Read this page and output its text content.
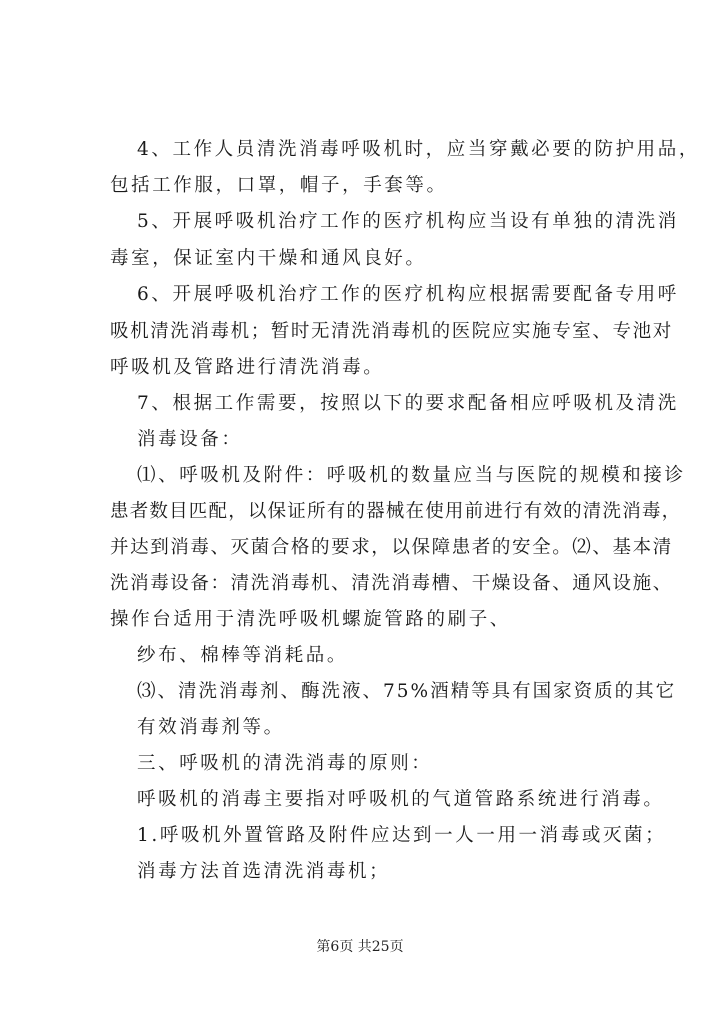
4、工作人员清洗消毒呼吸机时，应当穿戴必要的防护用品，
包括工作服，口罩，帽子，手套等。
5、开展呼吸机治疗工作的医疗机构应当设有单独的清洗消
毒室，保证室内干燥和通风良好。
6、开展呼吸机治疗工作的医疗机构应根据需要配备专用呼
吸机清洗消毒机；暂时无清洗消毒机的医院应实施专室、专池对
呼吸机及管路进行清洗消毒。
7、根据工作需要，按照以下的要求配备相应呼吸机及清洗
消毒设备：
⑴、呼吸机及附件：呼吸机的数量应当与医院的规模和接诊
患者数目匹配，以保证所有的器械在使用前进行有效的清洗消毒，
并达到消毒、灭菌合格的要求，以保障患者的安全。⑵、基本清
洗消毒设备：清洗消毒机、清洗消毒槽、干燥设备、通风设施、
操作台适用于清洗呼吸机螺旋管路的刷子、
纱布、棉棒等消耗品。
⑶、清洗消毒剂、酶洗液、75%酒精等具有国家资质的其它
有效消毒剂等。
三、呼吸机的清洗消毒的原则：
呼吸机的消毒主要指对呼吸机的气道管路系统进行消毒。
1.呼吸机外置管路及附件应达到一人一用一消毒或灭菌；
消毒方法首选清洗消毒机；
第6页 共25页
